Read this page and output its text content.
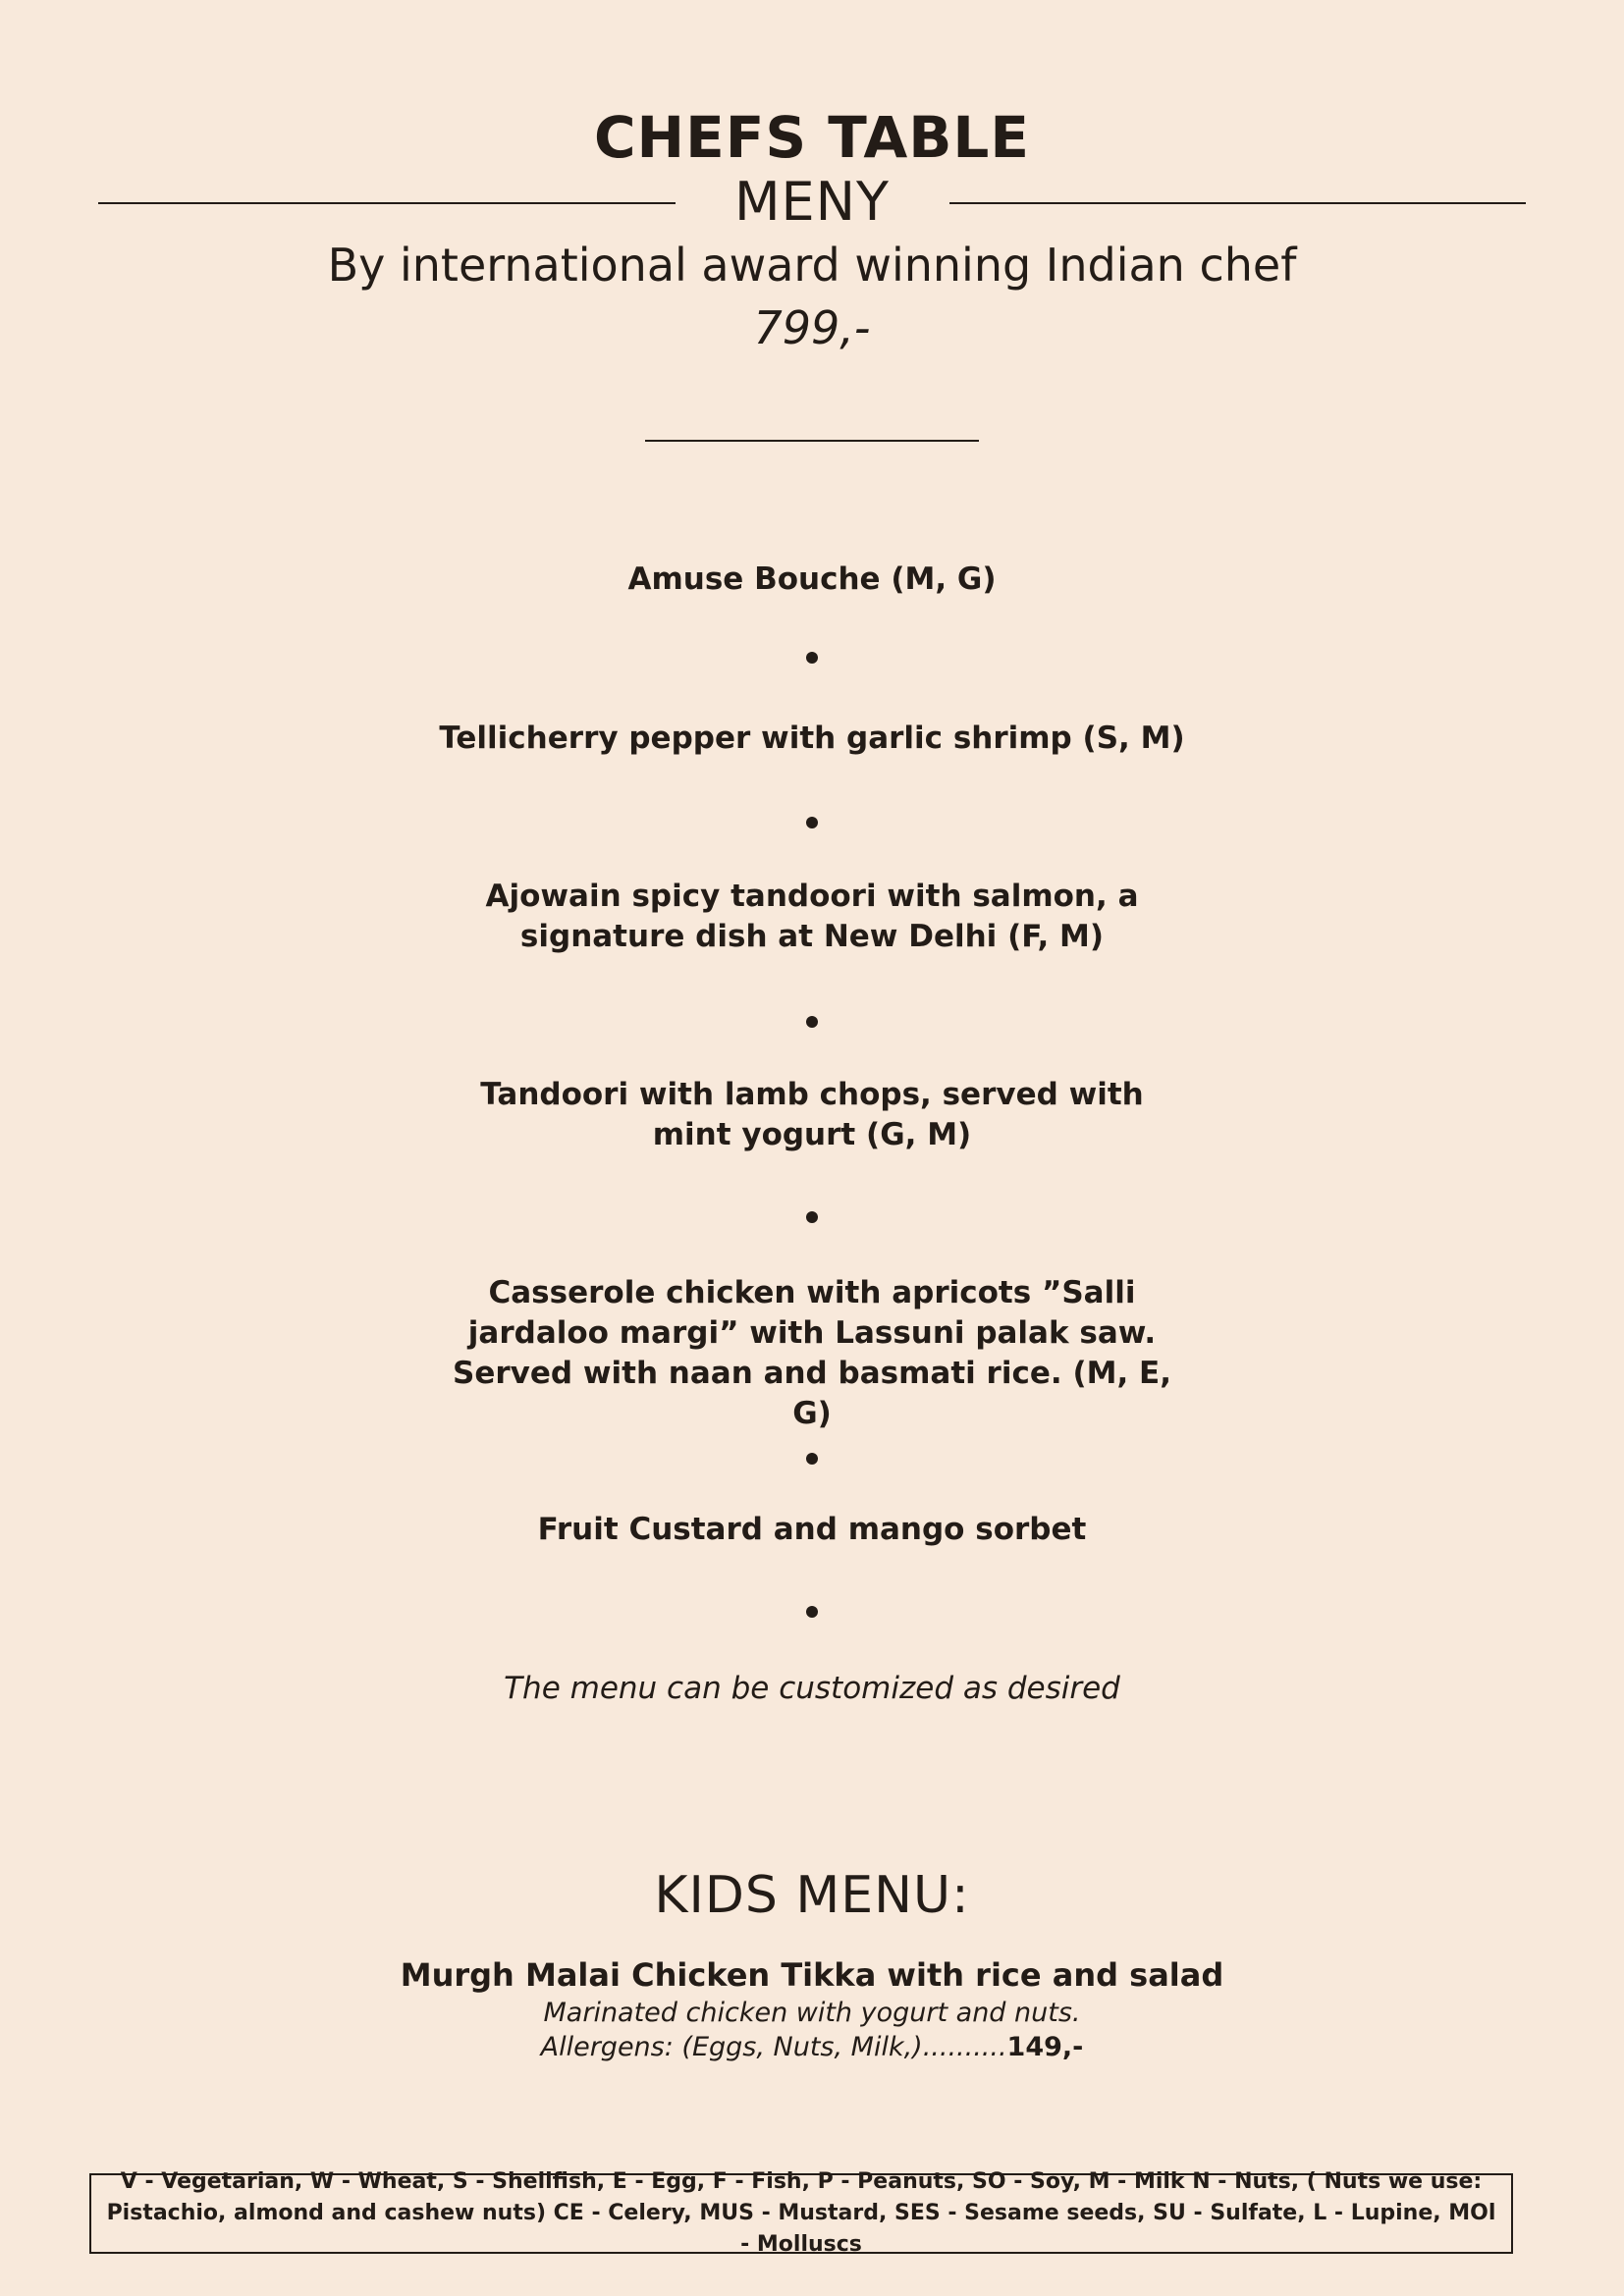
CHEFS TABLE
MENY
By international award winning Indian chef
799,-
Amuse Bouche (M, G)
Tellicherry pepper with garlic shrimp (S, M)
Ajowain spicy tandoori with salmon, a signature dish at New Delhi (F, M)
Tandoori with lamb chops, served with mint yogurt (G, M)
Casserole chicken with apricots ”Salli jardaloo margi” with Lassuni palak saw. Served with naan and basmati rice. (M, E, G)
Fruit Custard and mango sorbet
The menu can be customized as desired
KIDS MENU:
Murgh Malai Chicken Tikka with rice and salad
Marinated chicken with yogurt and nuts.
Allergens: (Eggs, Nuts, Milk,)..........149,-
V - Vegetarian, W - Wheat, S - Shellfish, E - Egg, F - Fish, P - Peanuts, SO - Soy, M - Milk N - Nuts, ( Nuts we use: Pistachio, almond and cashew nuts) CE - Celery, MUS - Mustard, SES - Sesame seeds, SU - Sulfate, L - Lupine, MOl - Molluscs
